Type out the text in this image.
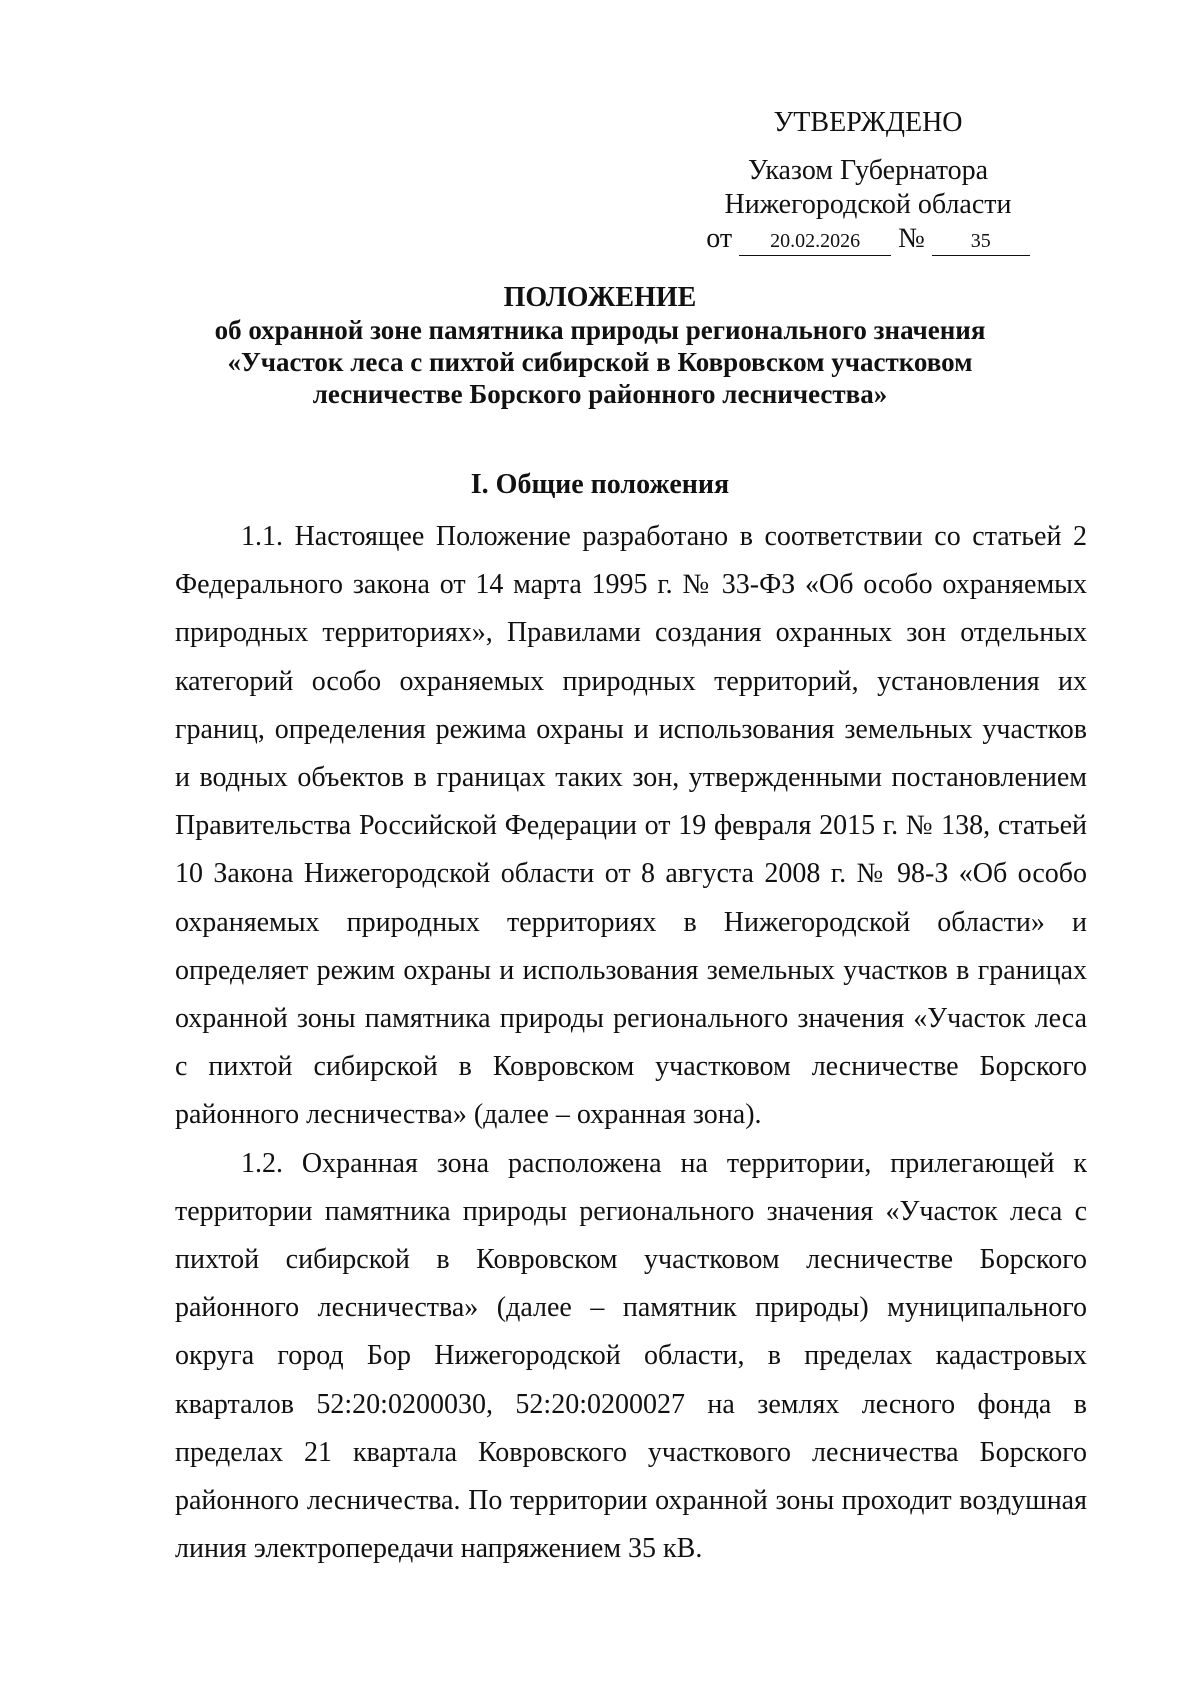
УТВЕРЖДЕНО
Указом Губернатора
Нижегородской области
от 20.02.2026 № 35
ПОЛОЖЕНИЕ
об охранной зоне памятника природы регионального значения
«Участок леса с пихтой сибирской в Ковровском участковом
лесничестве Борского районного лесничества»
I. Общие положения

1.1. Настоящее Положение разработано в соответствии со статьей 2 Федерального закона от 14 марта 1995 г. № 33-ФЗ «Об особо охраняемых природных территориях», Правилами создания охранных зон отдельных категорий особо охраняемых природных территорий, установления их границ, определения режима охраны и использования земельных участков и водных объектов в границах таких зон, утвержденными постановлением Правительства Российской Федерации от 19 февраля 2015 г. № 138, статьей 10 Закона Нижегородской области от 8 августа 2008 г. № 98-З «Об особо охраняемых природных территориях в Нижегородской области» и определяет режим охраны и использования земельных участков в границах охранной зоны памятника природы регионального значения «Участок леса с пихтой сибирской в Ковровском участковом лесничестве Борского районного лесничества» (далее – охранная зона).

1.2. Охранная зона расположена на территории, прилегающей к территории памятника природы регионального значения «Участок леса с пихтой сибирской в Ковровском участковом лесничестве Борского районного лесничества» (далее – памятник природы) муниципального округа город Бор Нижегородской области, в пределах кадастровых кварталов 52:20:0200030, 52:20:0200027 на землях лесного фонда в пределах 21 квартала Ковровского участкового лесничества Борского районного лесничества. По территории охранной зоны проходит воздушная линия электропередачи напряжением 35 кВ.
